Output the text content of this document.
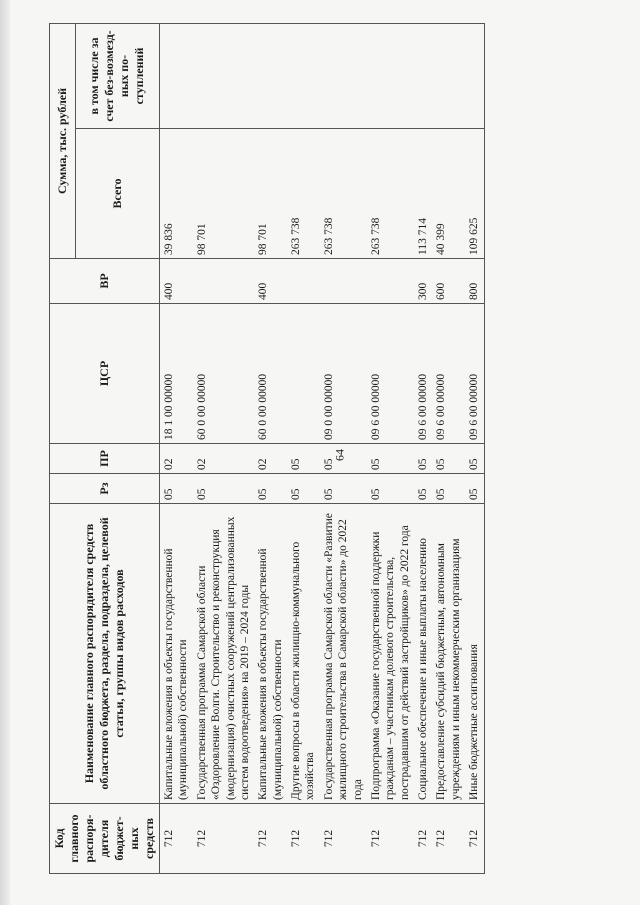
64
Код главного распоря-дителя бюджет-ных средств	Наименование главного распорядителя средств областного бюджета, раздела, подраздела, целевой статьи, группы видов расходов	Рз	ПР	ЦСР	ВР	Сумма, тыс. рублей	
						Всего	в том числе за счет без-возмезд-ных по-ступлений
712	Капитальные вложения в объекты государственной (муниципальной) собственности	05	02	18 1 00 00000	400	39 836	
712	Государственная программа Самарской области «Оздоровление Волги. Строительство и реконструкция (модернизация) очистных сооружений централизованных систем водоотведения» на 2019 – 2024 годы	05	02	60 0 00 00000		98 701	
712	Капитальные вложения в объекты государственной (муниципальной) собственности	05	02	60 0 00 00000	400	98 701	
712	Другие вопросы в области жилищно-коммунального хозяйства	05	05			263 738	
712	Государственная программа Самарской области «Развитие жилищного строительства в Самарской области» до 2022 года	05	05	09 0 00 00000		263 738	
712	Подпрограмма «Оказание государственной поддержки гражданам – участникам долевого строительства, пострадавшим от действий застройщиков» до 2022 года	05	05	09 6 00 00000		263 738	
712	Социальное обеспечение и иные выплаты населению	05	05	09 6 00 00000	300	113 714	
712	Предоставление субсидий бюджетным, автономным учреждениям и иным некоммерческим организациям	05	05	09 6 00 00000	600	40 399	
712	Иные бюджетные ассигнования	05	05	09 6 00 00000	800	109 625	
